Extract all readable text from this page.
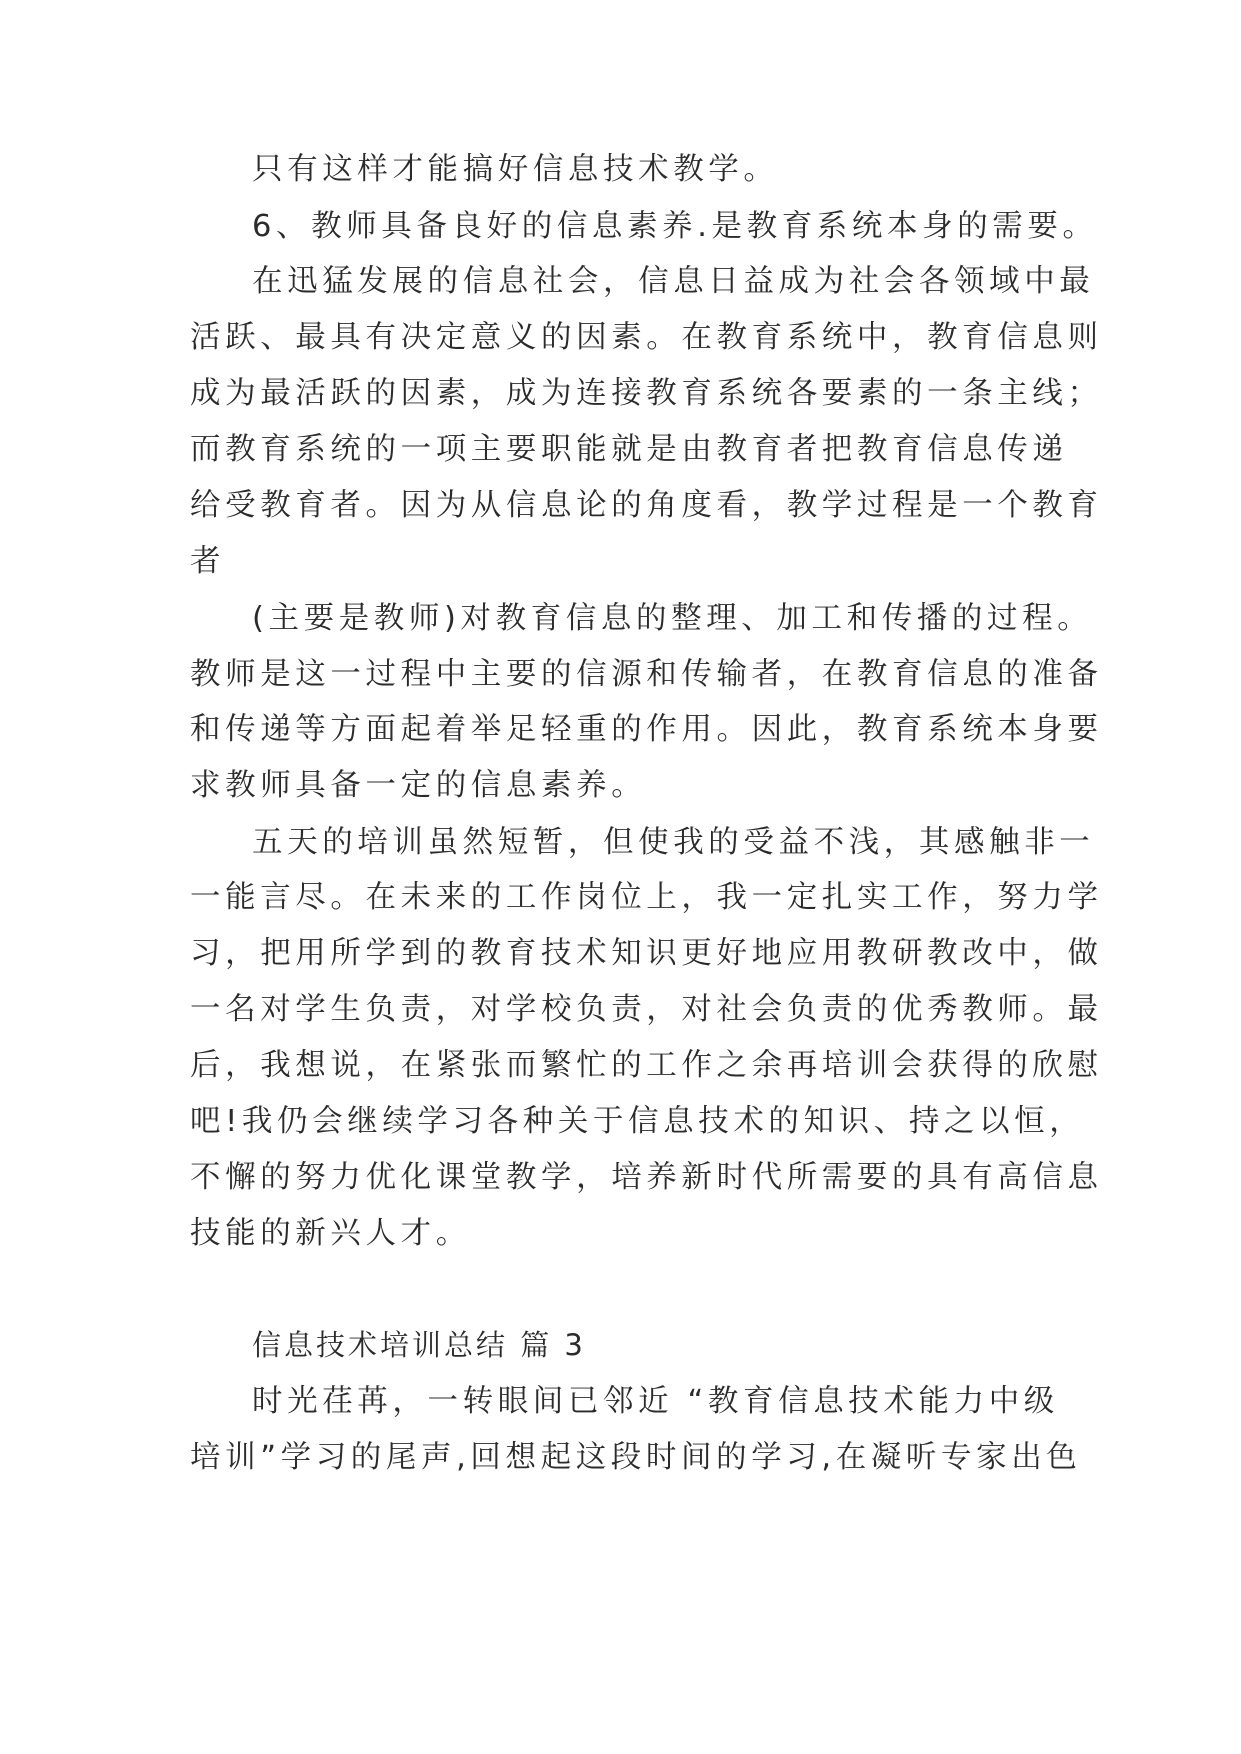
只有这样才能搞好信息技术教学。

6、教师具备良好的信息素养.是教育系统本身的需要。

在迅猛发展的信息社会，信息日益成为社会各领域中最

活跃、最具有决定意义的因素。在教育系统中，教育信息则

成为最活跃的因素，成为连接教育系统各要素的一条主线；

而教育系统的一项主要职能就是由教育者把教育信息传递

给受教育者。因为从信息论的角度看，教学过程是一个教育

者

(主要是教师)对教育信息的整理、加工和传播的过程。

教师是这一过程中主要的信源和传输者，在教育信息的准备

和传递等方面起着举足轻重的作用。因此，教育系统本身要

求教师具备一定的信息素养。

五天的培训虽然短暂，但使我的受益不浅，其感触非一

一能言尽。在未来的工作岗位上，我一定扎实工作，努力学

习，把用所学到的教育技术知识更好地应用教研教改中，做

一名对学生负责，对学校负责，对社会负责的优秀教师。最

后，我想说，在紧张而繁忙的工作之余再培训会获得的欣慰

吧!我仍会继续学习各种关于信息技术的知识、持之以恒，

不懈的努力优化课堂教学，培养新时代所需要的具有高信息

技能的新兴人才。

信息技术培训总结 篇 3

时光荏苒，一转眼间已邻近 “教育信息技术能力中级

培训”学习的尾声,回想起这段时间的学习,在凝听专家出色
